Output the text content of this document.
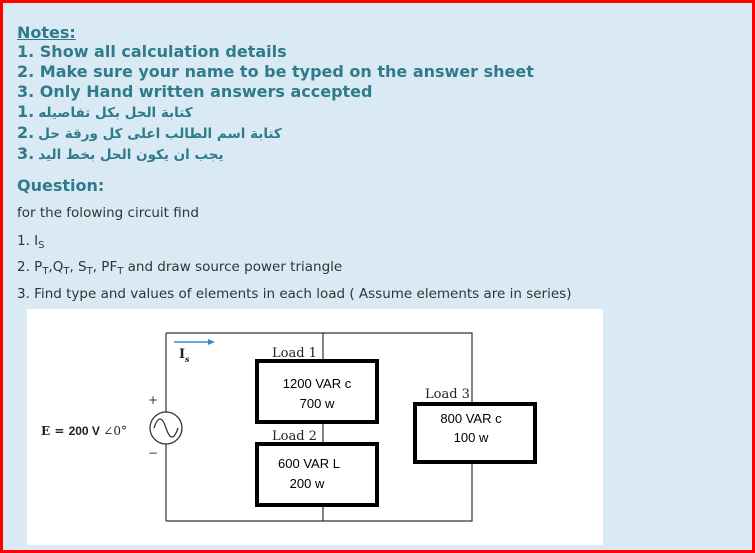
Notes:
1. Show all calculation details
2. Make sure your name to be typed on the answer sheet
3. Only Hand written answers accepted
1. كتابة الحل بكل تفاصيله
2. كتابة اسم الطالب اعلى كل ورقة حل
3. يجب ان يكون الحل بخط اليد
Question:
for the folowing circuit find
1. $I_S$
2. $P_T,Q_T$, $S_T$, $PF_T$ and draw source power triangle
3. Find type and values of elements in each load ( Assume elements are in series)
I s
+
−
E = 200 V ∠0°
Load 1
1200 VAR c
700 w
Load 2
600 VAR L
200 w
Load 3
800 VAR c
100 w
